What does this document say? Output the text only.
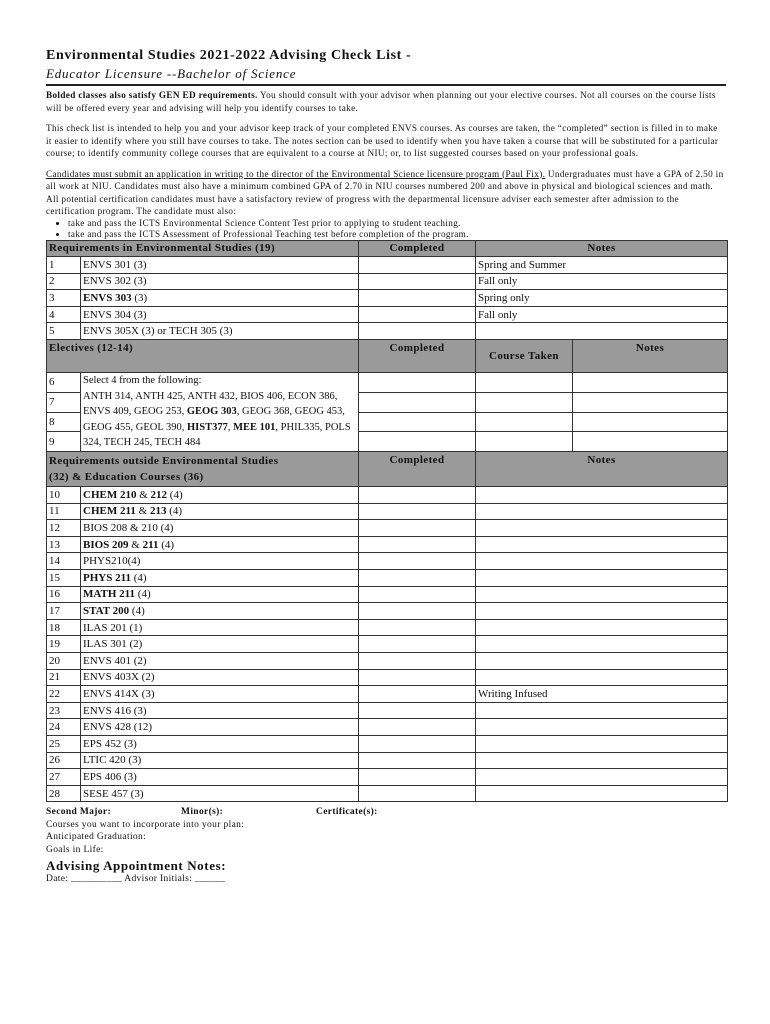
Environmental Studies 2021-2022 Advising Check List -

Educator Licensure --Bachelor of Science

Bolded classes also satisfy GEN ED requirements. You should consult with your advisor when planning out your elective courses. Not all courses on the course lists will be offered every year and advising will help you identify courses to take.

This check list is intended to help you and your advisor keep track of your completed ENVS courses. As courses are taken, the “completed” section is filled in to make it easier to identify where you still have courses to take. The notes section can be used to identify when you have taken a course that will be substituted for a particular course; to identify community college courses that are equivalent to a course at NIU; or, to list suggested courses based on your professional goals.

Candidates must submit an application in writing to the director of the Environmental Science licensure program (Paul Fix). Undergraduates must have a GPA of 2.50 in all work at NIU. Candidates must also have a minimum combined GPA of 2.70 in NIU courses numbered 200 and above in physical and biological sciences and math. All potential certification candidates must have a satisfactory review of progress with the departmental licensure adviser each semester after admission to the certification program. The candidate must also:

• take and pass the ICTS Environmental Science Content Test prior to applying to student teaching.
• take and pass the ICTS Assessment of Professional Teaching test before completion of the program.
Requirements in Environmental Studies (19)		Completed	Notes	
1	ENVS 301 (3)		Spring and Summer	
2	ENVS 302 (3)		Fall only	
3	ENVS 303 (3)		Spring only	
4	ENVS 304 (3)		Fall only	
5	ENVS 305X (3) or TECH 305 (3)			
Electives (12-14)		Completed	Course Taken	Notes
6	Select 4 from the following:
ANTH 314, ANTH 425, ANTH 432, BIOS 406, ECON 386, ENVS 409, GEOG 253, GEOG 303, GEOG 368, GEOG 453, GEOG 455, GEOL 390, HIST377, MEE 101, PHIL335, POLS 324, TECH 245, TECH 484			
7				
8				
9				
Requirements outside Environmental Studies
(32) & Education Courses (36)		Completed	Notes	
10	CHEM 210 & 212 (4)			
11	CHEM 211 & 213 (4)			
12	BIOS 208 & 210 (4)			
13	BIOS 209 & 211 (4)			
14	PHYS210(4)			
15	PHYS 211 (4)			
16	MATH 211 (4)			
17	STAT 200 (4)			
18	ILAS 201 (1)			
19	ILAS 301 (2)			
20	ENVS 401 (2)			
21	ENVS 403X (2)			
22	ENVS 414X (3)		Writing Infused	
23	ENVS 416 (3)			
24	ENVS 428 (12)			
25	EPS 452 (3)			
26	LTIC 420 (3)			
27	EPS 406 (3)			
28	SESE 457 (3)			
Second Major:	Minor(s):	Certificate(s):
Courses you want to incorporate into your plan:
Anticipated Graduation:
Goals in Life:

Advising Appointment Notes:

Date: __________ Advisor Initials: ______
